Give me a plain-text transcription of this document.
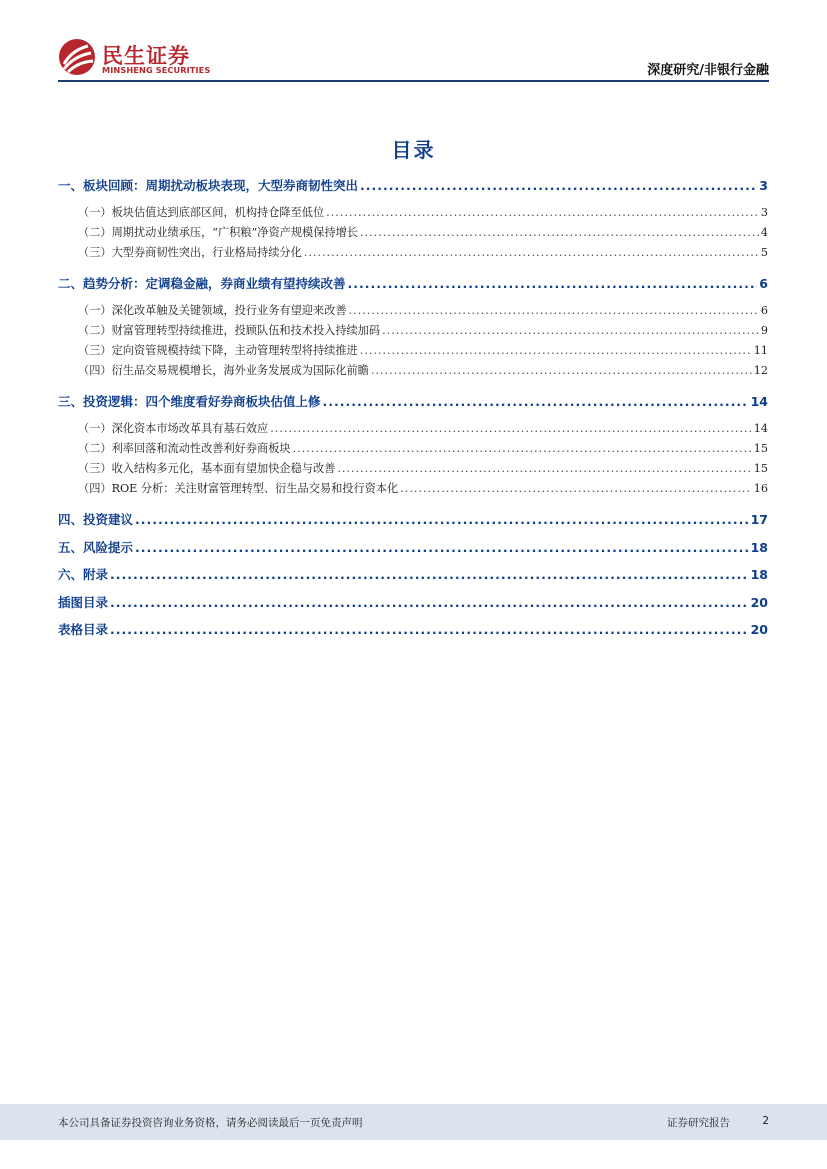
民生证券
MINSHENG SECURITIES	深度研究/非银行金融
目录
一、板块回顾：周期扰动板块表现，大型券商韧性突出 .....	3
（一）板块估值达到底部区间，机构持仓降至低位 .....	3
（二）周期扰动业绩承压，“广积粮”净资产规模保持增长 .....	4
（三）大型券商韧性突出，行业格局持续分化 .....	5
二、趋势分析：定调稳金融，券商业绩有望持续改善 .....	6
（一）深化改革触及关键领域，投行业务有望迎来改善 .....	6
（二）财富管理转型持续推进，投顾队伍和技术投入持续加码 .....	9
（三）定向资管规模持续下降，主动管理转型将持续推进 .....	11
（四）衍生品交易规模增长，海外业务发展成为国际化前瞻 .....	12
三、投资逻辑：四个维度看好券商板块估值上修 .....	14
（一）深化资本市场改革具有基石效应 .....	14
（二）利率回落和流动性改善利好券商板块 .....	15
（三）收入结构多元化，基本面有望加快企稳与改善 .....	15
（四）ROE 分析：关注财富管理转型、衍生品交易和投行资本化 .....	16
四、投资建议 .....	17
五、风险提示 .....	18
六、附录 .....	18
插图目录 .....	20
表格目录 .....	20
本公司具备证券投资咨询业务资格，请务必阅读最后一页免责声明	证券研究报告	2
